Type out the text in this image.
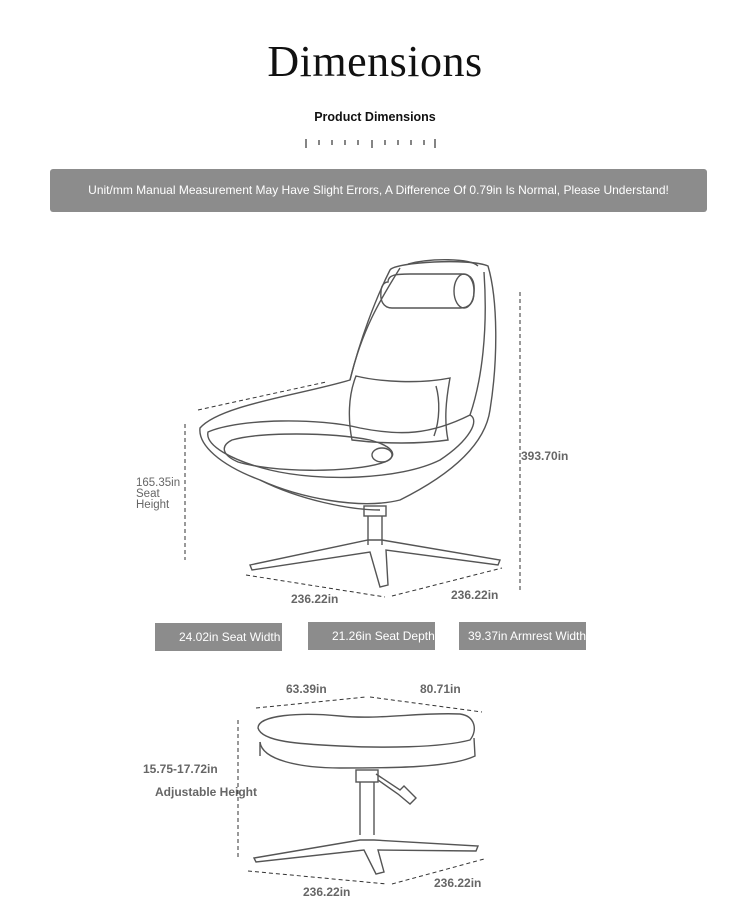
Dimensions
Product Dimensions
Unit/mm Manual Measurement May Have Slight Errors, A Difference Of 0.79in Is Normal, Please Understand!
165.35in
Seat
Height
393.70in
236.22in	236.22in
24.02in Seat Width	21.26in Seat Depth	39.37in Armrest Width
63.39in	80.71in
15.75-17.72in
Adjustable Height
236.22in
236.22in
